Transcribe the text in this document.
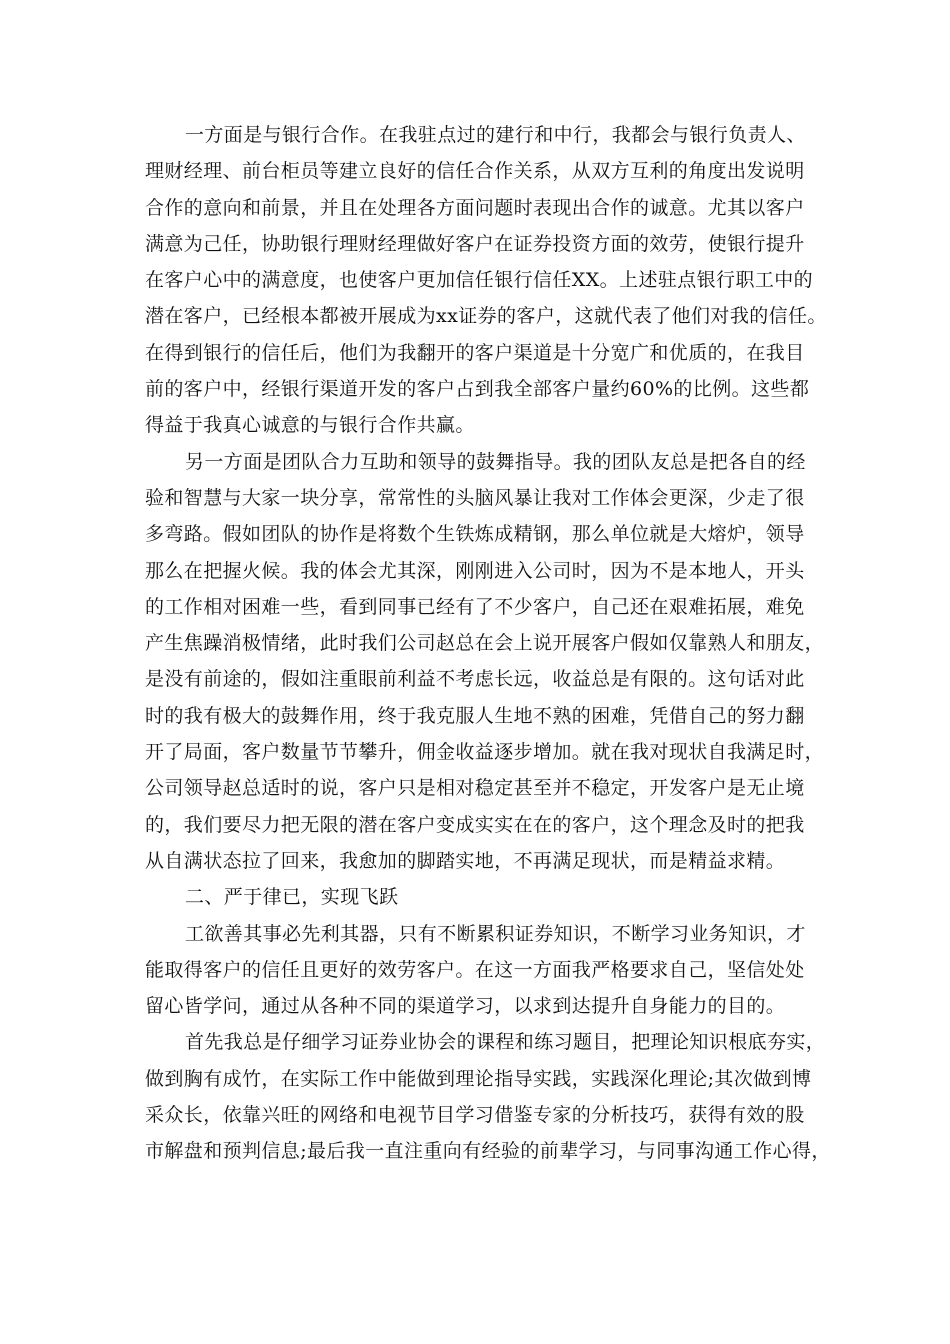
一方面是与银行合作。在我驻点过的建行和中行，我都会与银行负责人、
理财经理、前台柜员等建立良好的信任合作关系，从双方互利的角度出发说明
合作的意向和前景，并且在处理各方面问题时表现出合作的诚意。尤其以客户
满意为己任，协助银行理财经理做好客户在证券投资方面的效劳，使银行提升
在客户心中的满意度，也使客户更加信任银行信任XX。上述驻点银行职工中的
潜在客户，已经根本都被开展成为xx证券的客户，这就代表了他们对我的信任。
在得到银行的信任后，他们为我翻开的客户渠道是十分宽广和优质的，在我目
前的客户中，经银行渠道开发的客户占到我全部客户量约60%的比例。这些都
得益于我真心诚意的与银行合作共赢。
另一方面是团队合力互助和领导的鼓舞指导。我的团队友总是把各自的经
验和智慧与大家一块分享，常常性的头脑风暴让我对工作体会更深，少走了很
多弯路。假如团队的协作是将数个生铁炼成精钢，那么单位就是大熔炉，领导
那么在把握火候。我的体会尤其深，刚刚进入公司时，因为不是本地人，开头
的工作相对困难一些，看到同事已经有了不少客户，自己还在艰难拓展，难免
产生焦躁消极情绪，此时我们公司赵总在会上说开展客户假如仅靠熟人和朋友，
是没有前途的，假如注重眼前利益不考虑长远，收益总是有限的。这句话对此
时的我有极大的鼓舞作用，终于我克服人生地不熟的困难，凭借自己的努力翻
开了局面，客户数量节节攀升，佣金收益逐步增加。就在我对现状自我满足时，
公司领导赵总适时的说，客户只是相对稳定甚至并不稳定，开发客户是无止境
的，我们要尽力把无限的潜在客户变成实实在在的客户，这个理念及时的把我
从自满状态拉了回来，我愈加的脚踏实地，不再满足现状，而是精益求精。
二、严于律已，实现飞跃
工欲善其事必先利其器，只有不断累积证券知识，不断学习业务知识，才
能取得客户的信任且更好的效劳客户。在这一方面我严格要求自己，坚信处处
留心皆学问，通过从各种不同的渠道学习，以求到达提升自身能力的目的。
首先我总是仔细学习证券业协会的课程和练习题目，把理论知识根底夯实，
做到胸有成竹，在实际工作中能做到理论指导实践，实践深化理论;其次做到博
采众长，依靠兴旺的网络和电视节目学习借鉴专家的分析技巧，获得有效的股
市解盘和预判信息;最后我一直注重向有经验的前辈学习，与同事沟通工作心得，
